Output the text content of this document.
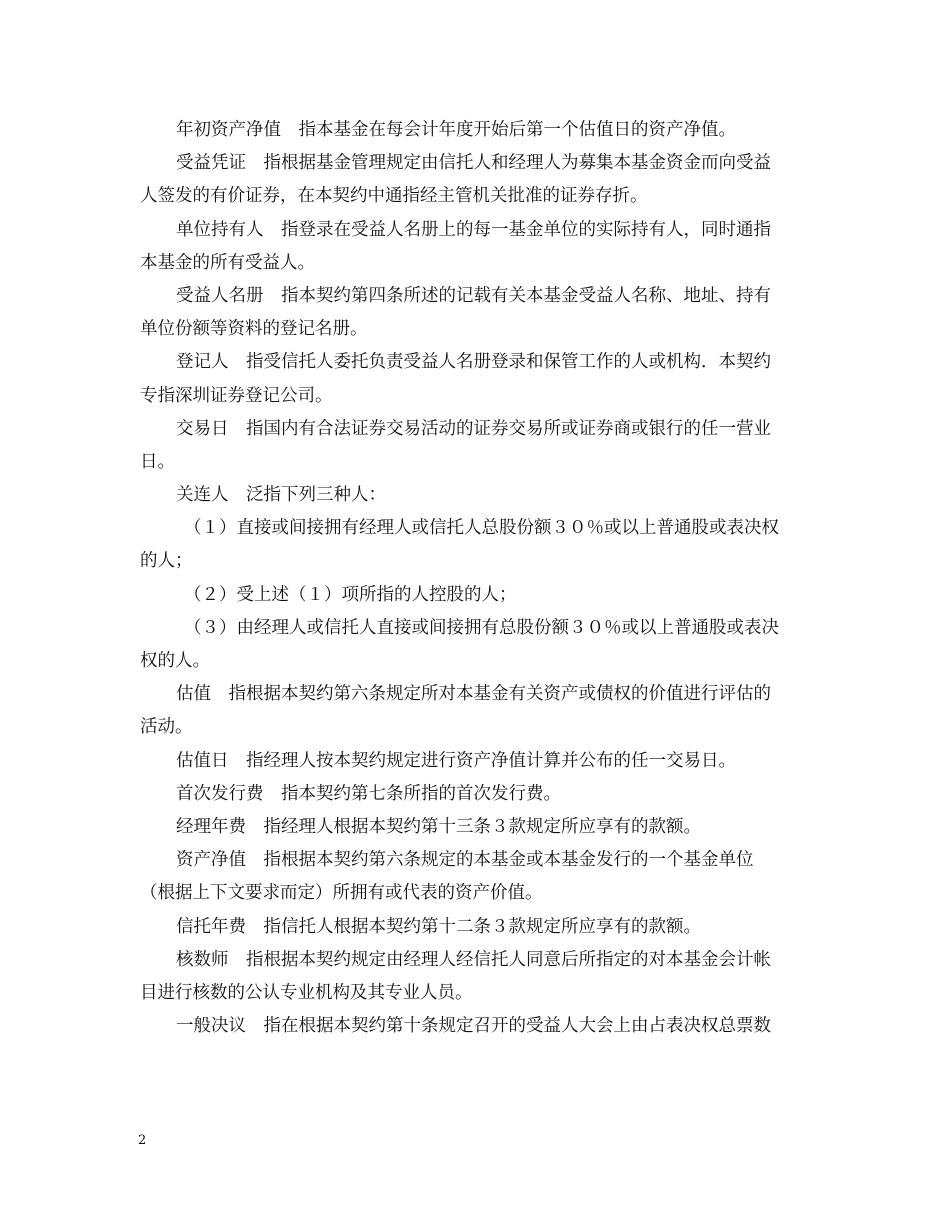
年初资产净值　指本基金在每会计年度开始后第一个估值日的资产净值。
受益凭证　指根据基金管理规定由信托人和经理人为募集本基金资金而向受益
人签发的有价证券，在本契约中通指经主管机关批准的证券存折。
单位持有人　指登录在受益人名册上的每一基金单位的实际持有人，同时通指
本基金的所有受益人。
受益人名册　指本契约第四条所述的记载有关本基金受益人名称、地址、持有
单位份额等资料的登记名册。
登记人　指受信托人委托负责受益人名册登录和保管工作的人或机构．本契约
专指深圳证券登记公司。
交易日　指国内有合法证券交易活动的证券交易所或证券商或银行的任一营业
日。
关连人　泛指下列三种人：
（１）直接或间接拥有经理人或信托人总股份额３０％或以上普通股或表决权
的人；
（２）受上述（１）项所指的人控股的人；
（３）由经理人或信托人直接或间接拥有总股份额３０％或以上普通股或表决
权的人。
估值　指根据本契约第六条规定所对本基金有关资产或债权的价值进行评估的
活动。
估值日　指经理人按本契约规定进行资产净值计算并公布的任一交易日。
首次发行费　指本契约第七条所指的首次发行费。
经理年费　指经理人根据本契约第十三条３款规定所应享有的款额。
资产净值　指根据本契约第六条规定的本基金或本基金发行的一个基金单位
（根据上下文要求而定）所拥有或代表的资产价值。
信托年费　指信托人根据本契约第十二条３款规定所应享有的款额。
核数师　指根据本契约规定由经理人经信托人同意后所指定的对本基金会计帐
目进行核数的公认专业机构及其专业人员。
一般决议　指在根据本契约第十条规定召开的受益人大会上由占表决权总票数
2
